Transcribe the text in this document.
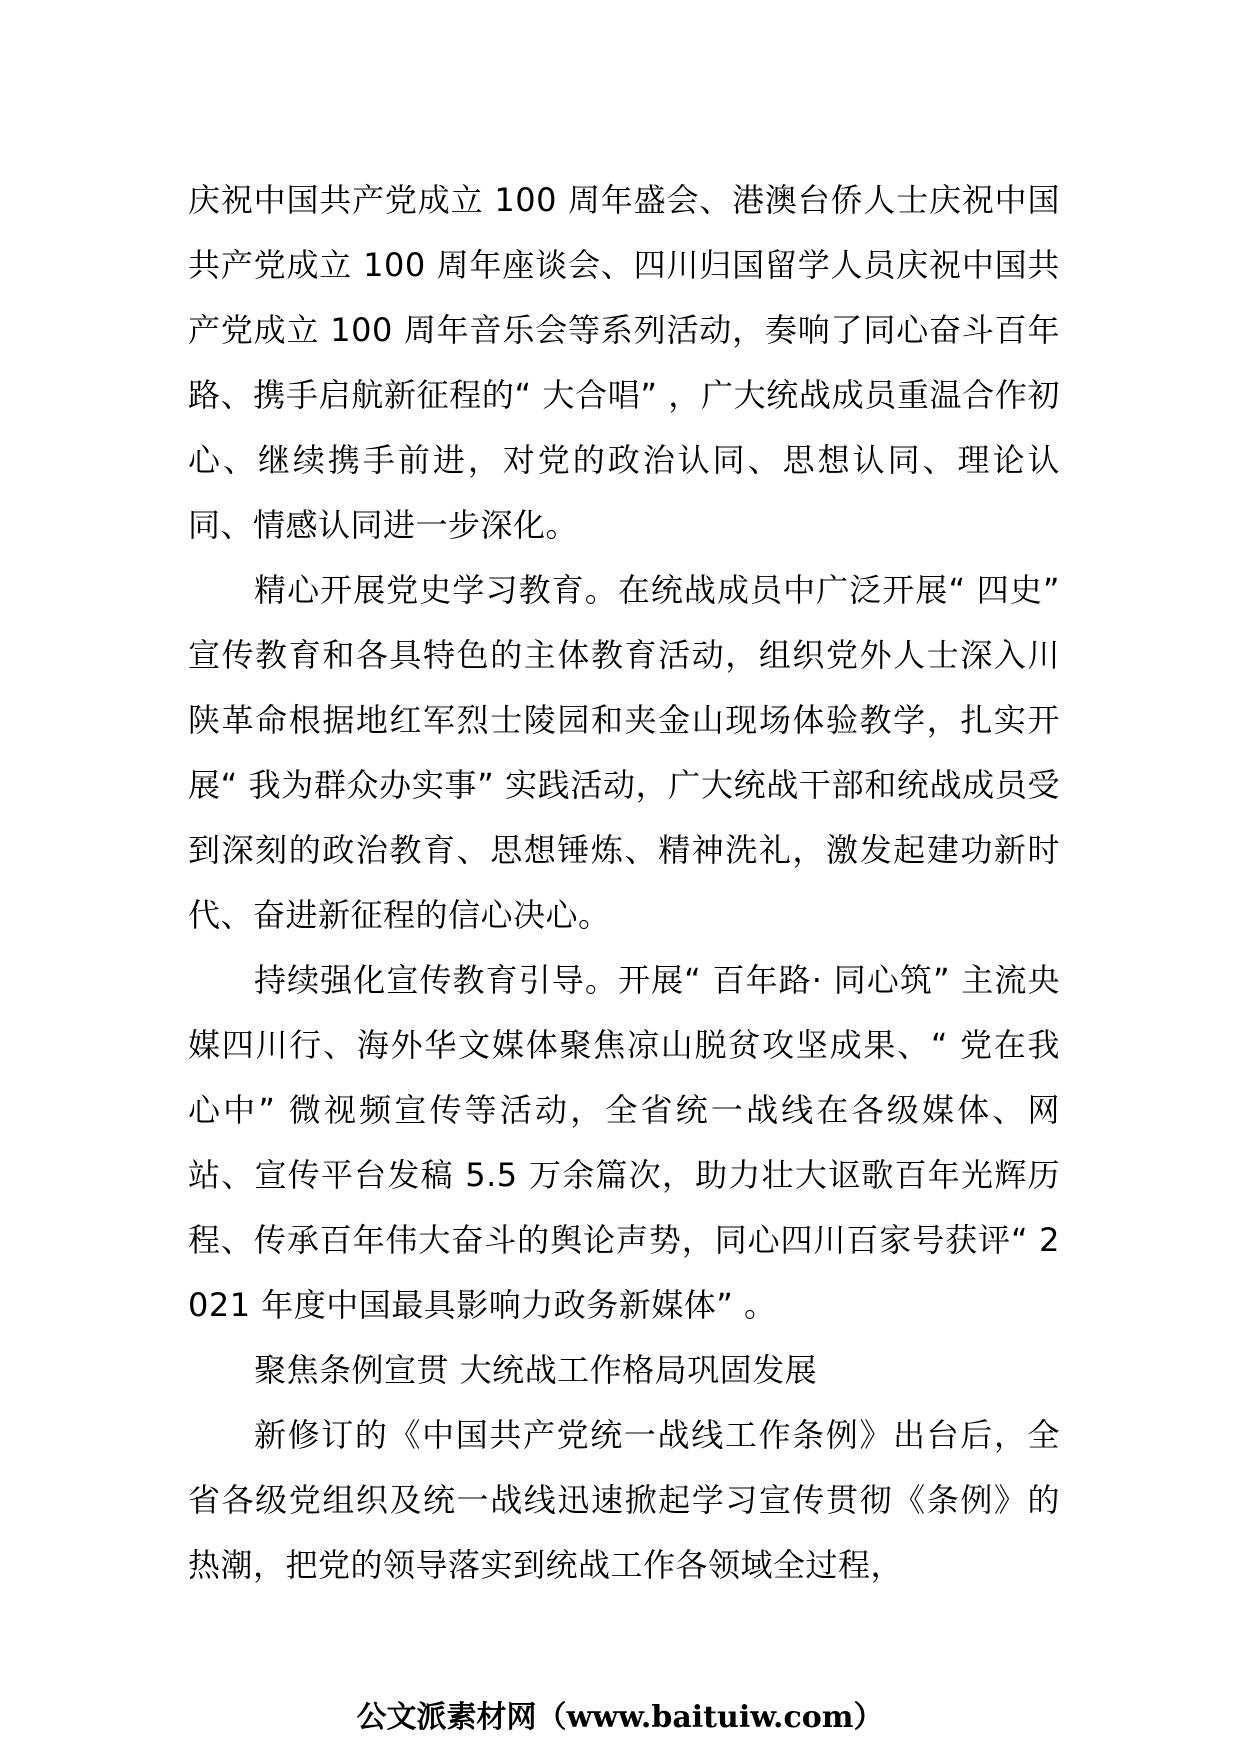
庆祝中国共产党成立 100 周年盛会、港澳台侨人士庆祝中国共产党成立 100 周年座谈会、四川归国留学人员庆祝中国共产党成立 100 周年音乐会等系列活动，奏响了同心奋斗百年路、携手启航新征程的“ 大合唱” ，广大统战成员重温合作初心、继续携手前进，对党的政治认同、思想认同、理论认同、情感认同进一步深化。

精心开展党史学习教育。在统战成员中广泛开展“ 四史” 宣传教育和各具特色的主体教育活动，组织党外人士深入川陕革命根据地红军烈士陵园和夹金山现场体验教学，扎实开展“ 我为群众办实事” 实践活动，广大统战干部和统战成员受到深刻的政治教育、思想锤炼、精神洗礼，激发起建功新时代、奋进新征程的信心决心。

持续强化宣传教育引导。开展“ 百年路· 同心筑” 主流央媒四川行、海外华文媒体聚焦凉山脱贫攻坚成果、“ 党在我心中” 微视频宣传等活动，全省统一战线在各级媒体、网站、宣传平台发稿 5.5 万余篇次，助力壮大讴歌百年光辉历程、传承百年伟大奋斗的舆论声势，同心四川百家号获评“ 2021 年度中国最具影响力政务新媒体” 。

聚焦条例宣贯 大统战工作格局巩固发展

新修订的《中国共产党统一战线工作条例》出台后，全省各级党组织及统一战线迅速掀起学习宣传贯彻《条例》的热潮，把党的领导落实到统战工作各领域全过程，

公文派素材网（www.baituiw.com）
